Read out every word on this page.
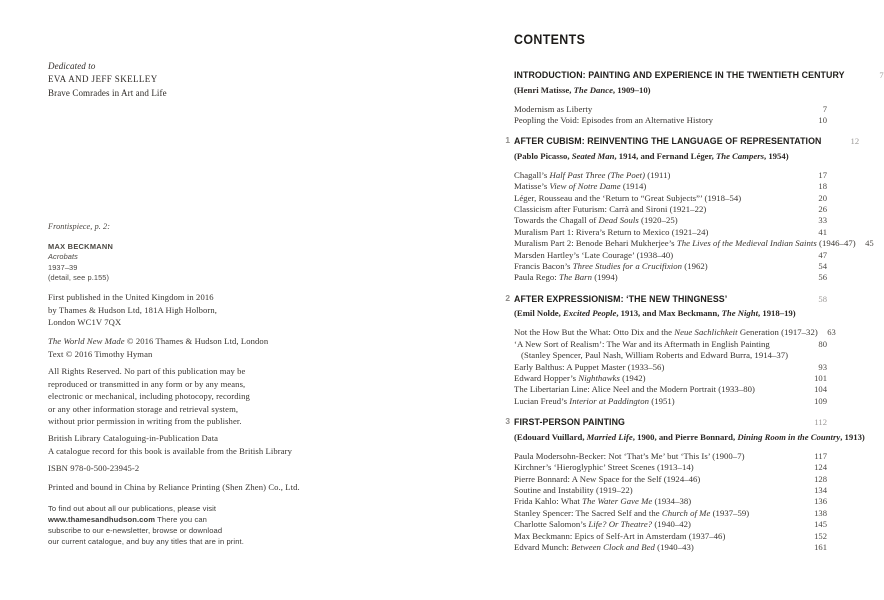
Dedicated to
EVA AND JEFF SKELLEY
Brave Comrades in Art and Life
Frontispiece, p. 2:
MAX BECKMANN
Acrobats
1937–39
(detail, see p.155)
First published in the United Kingdom in 2016
by Thames & Hudson Ltd, 181A High Holborn,
London WC1V 7QX
The World New Made © 2016 Thames & Hudson Ltd, London
Text © 2016 Timothy Hyman
All Rights Reserved. No part of this publication may be
reproduced or transmitted in any form or by any means,
electronic or mechanical, including photocopy, recording
or any other information storage and retrieval system,
without prior permission in writing from the publisher.
British Library Cataloguing-in-Publication Data
A catalogue record for this book is available from the British Library
ISBN 978-0-500-23945-2
Printed and bound in China by Reliance Printing (Shen Zhen) Co., Ltd.
To find out about all our publications, please visit
www.thamesandhudson.com There you can
subscribe to our e-newsletter, browse or download
our current catalogue, and buy any titles that are in print.
CONTENTS
INTRODUCTION: PAINTING AND EXPERIENCE IN THE TWENTIETH CENTURY	7
(Henri Matisse, The Dance, 1909–10)
Modernism as Liberty	7
Peopling the Void: Episodes from an Alternative History	10
1 AFTER CUBISM: REINVENTING THE LANGUAGE OF REPRESENTATION	12
(Pablo Picasso, Seated Man, 1914, and Fernand Léger, The Campers, 1954)
Chagall’s Half Past Three (The Poet) (1911)	17
Matisse’s View of Notre Dame (1914)	18
Léger, Rousseau and the ‘Return to “Great Subjects”’ (1918–54)	20
Classicism after Futurism: Carrà and Sironi (1921–22)	26
Towards the Chagall of Dead Souls (1920–25)	33
Muralism Part 1: Rivera’s Return to Mexico (1921–24)	41
Muralism Part 2: Benode Behari Mukherjee’s The Lives of the Medieval Indian Saints (1946–47)	45
Marsden Hartley’s ‘Late Courage’ (1938–40)	47
Francis Bacon’s Three Studies for a Crucifixion (1962)	54
Paula Rego: The Barn (1994)	56
2 AFTER EXPRESSIONISM: ‘THE NEW THINGNESS’	58
(Emil Nolde, Excited People, 1913, and Max Beckmann, The Night, 1918–19)
Not the How But the What: Otto Dix and the Neue Sachlichkeit Generation (1917–32)	63
‘A New Sort of Realism’: The War and its Aftermath in English Painting	80
(Stanley Spencer, Paul Nash, William Roberts and Edward Burra, 1914–37)
Early Balthus: A Puppet Master (1933–56)	93
Edward Hopper’s Nighthawks (1942)	101
The Libertarian Line: Alice Neel and the Modern Portrait (1933–80)	104
Lucian Freud’s Interior at Paddington (1951)	109
3 FIRST-PERSON PAINTING	112
(Edouard Vuillard, Married Life, 1900, and Pierre Bonnard, Dining Room in the Country, 1913)
Paula Modersohn-Becker: Not ‘That’s Me’ but ‘This Is’ (1900–7)	117
Kirchner’s ‘Hieroglyphic’ Street Scenes (1913–14)	124
Pierre Bonnard: A New Space for the Self (1924–46)	128
Soutine and Instability (1919–22)	134
Frida Kahlo: What The Water Gave Me (1934–38)	136
Stanley Spencer: The Sacred Self and the Church of Me (1937–59)	138
Charlotte Salomon’s Life? Or Theatre? (1940–42)	145
Max Beckmann: Epics of Self-Art in Amsterdam (1937–46)	152
Edvard Munch: Between Clock and Bed (1940–43)	161
